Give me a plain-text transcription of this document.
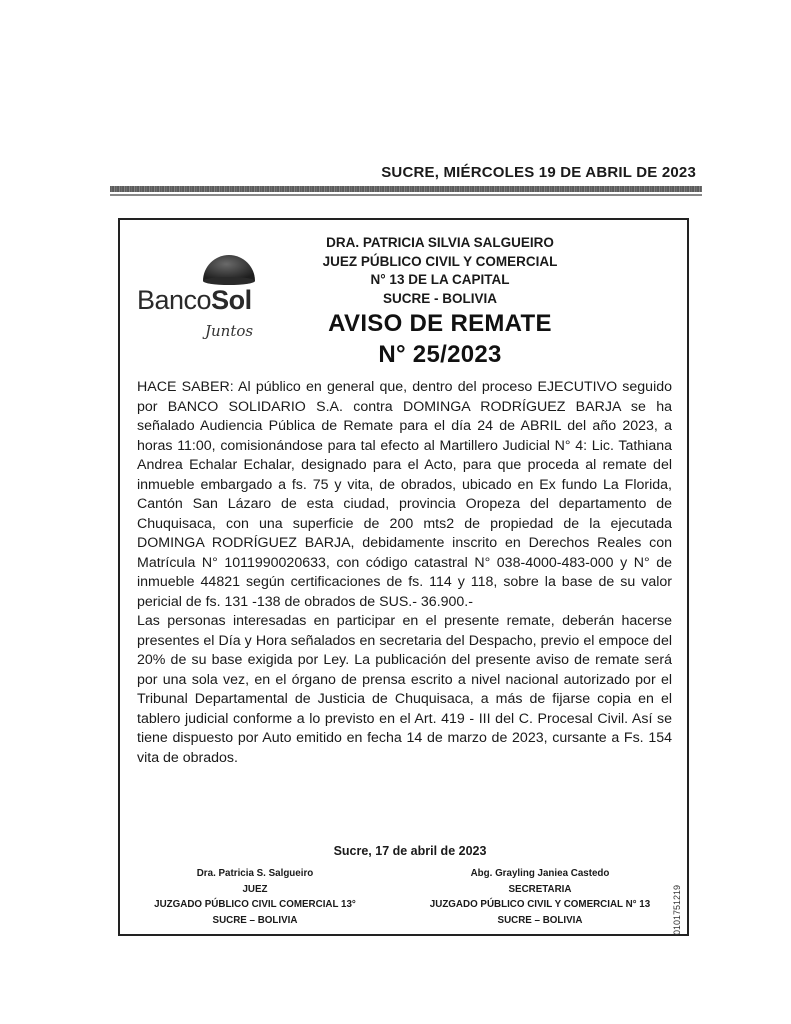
SUCRE, MIÉRCOLES 19 DE ABRIL DE 2023
BancoSol
Juntos
DRA. PATRICIA SILVIA SALGUEIRO
JUEZ PÚBLICO CIVIL Y COMERCIAL
N° 13 DE LA CAPITAL
SUCRE - BOLIVIA
AVISO DE REMATE
N° 25/2023

HACE SABER: Al público en general que, dentro del proceso EJECUTIVO seguido por BANCO SOLIDARIO S.A. contra DOMINGA RODRÍGUEZ BARJA se ha señalado Audiencia Pública de Remate para el día 24 de ABRIL del año 2023, a horas 11:00, comisionándose para tal efecto al Martillero Judicial N° 4: Lic. Tathiana Andrea Echalar Echalar, designado para el Acto, para que proceda al remate del inmueble embargado a fs. 75 y vita, de obrados, ubicado en Ex fundo La Florida, Cantón San Lázaro de esta ciudad, provincia Oropeza del departamento de Chuquisaca, con una superficie de 200 mts2 de propiedad de la ejecutada DOMINGA RODRÍGUEZ BARJA, debidamente inscrito en Derechos Reales con Matrícula N° 1011990020633, con código catastral N° 038-4000-483-000 y N° de inmueble 44821 según certificaciones de fs. 114 y 118, sobre la base de su valor pericial de fs. 131 -138 de obrados de SUS.- 36.900.-

Las personas interesadas en participar en el presente remate, deberán hacerse presentes el Día y Hora señalados en secretaria del Despacho, previo el empoce del 20% de su base exigida por Ley. La publicación del presente aviso de remate será por una sola vez, en el órgano de prensa escrito a nivel nacional autorizado por el Tribunal Departamental de Justicia de Chuquisaca, a más de fijarse copia en el tablero judicial conforme a lo previsto en el Art. 419 - III del C. Procesal Civil. Así se tiene dispuesto por Auto emitido en fecha 14 de marzo de 2023, cursante a Fs. 154 vita de obrados.

Sucre, 17 de abril de 2023
Dra. Patricia S. Salgueiro
JUEZ
JUZGADO PÚBLICO CIVIL COMERCIAL 13°
SUCRE – BOLIVIA
Abg. Grayling Janiea Castedo
SECRETARIA
JUZGADO PÚBLICO CIVIL Y COMERCIAL N° 13
SUCRE – BOLIVIA	0101751219
